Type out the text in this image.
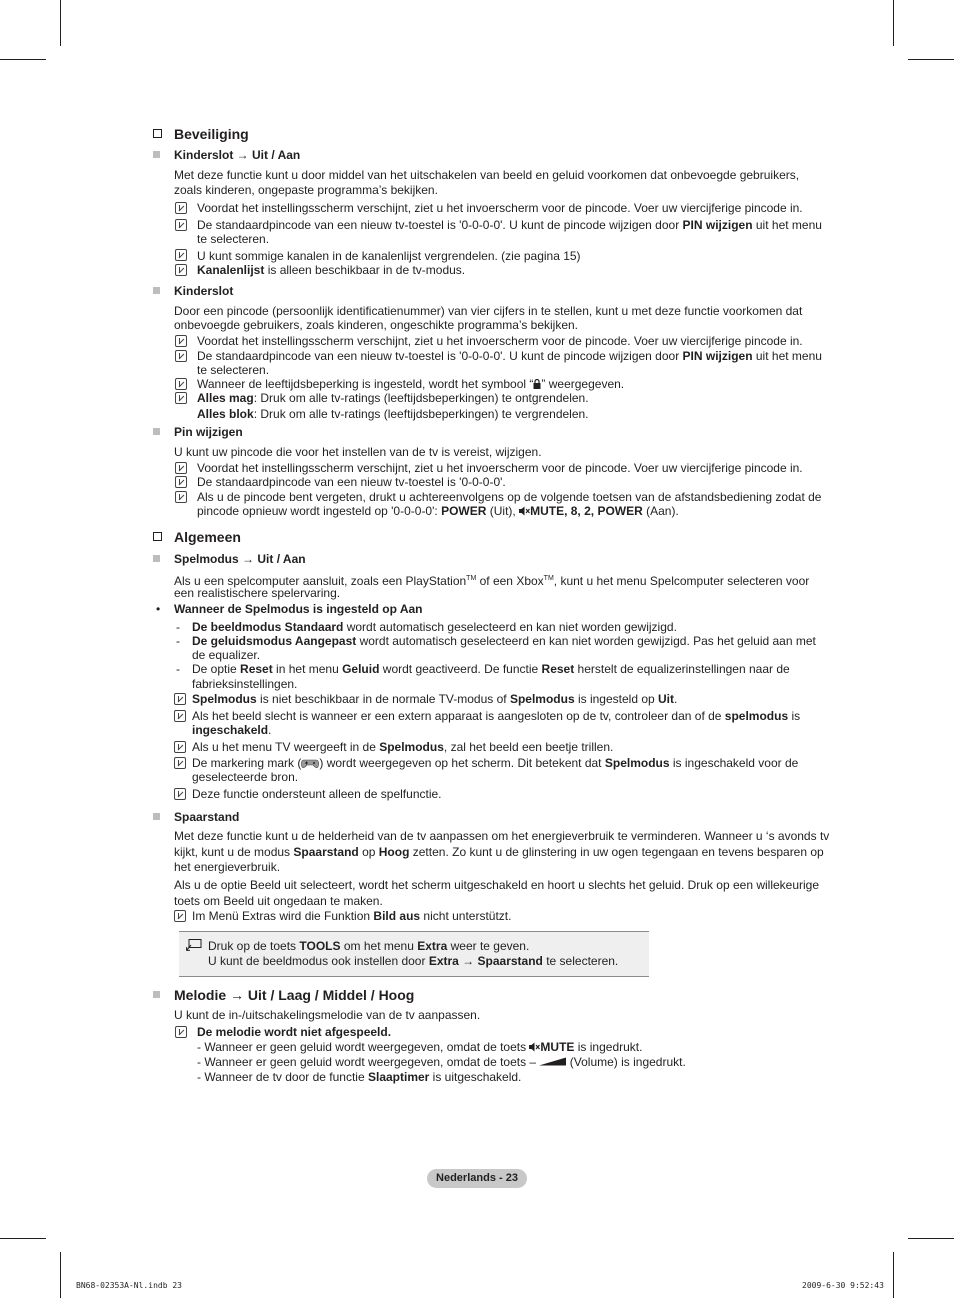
Beveiliging
Kinderslot → Uit / Aan
Met deze functie kunt u door middel van het uitschakelen van beeld en geluid voorkomen dat onbevoegde gebruikers,
zoals kinderen, ongepaste programma’s bekijken.
Voordat het instellingsscherm verschijnt, ziet u het invoerscherm voor de pincode. Voer uw viercijferige pincode in.
De standaardpincode van een nieuw tv-toestel is '0-0-0-0'. U kunt de pincode wijzigen door PIN wijzigen uit het menu
te selecteren.
U kunt sommige kanalen in de kanalenlijst vergrendelen. (zie pagina 15)
Kanalenlijst is alleen beschikbaar in de tv-modus.
Kinderslot
Door een pincode (persoonlijk identificatienummer) van vier cijfers in te stellen, kunt u met deze functie voorkomen dat
onbevoegde gebruikers, zoals kinderen, ongeschikte programma’s bekijken.
Voordat het instellingsscherm verschijnt, ziet u het invoerscherm voor de pincode. Voer uw viercijferige pincode in.
De standaardpincode van een nieuw tv-toestel is '0-0-0-0'. U kunt de pincode wijzigen door PIN wijzigen uit het menu
te selecteren.
Wanneer de leeftijdsbeperking is ingesteld, wordt het symbool “ ” weergegeven.
Alles mag: Druk om alle tv-ratings (leeftijdsbeperkingen) te ontgrendelen.
Alles blok: Druk om alle tv-ratings (leeftijdsbeperkingen) te vergrendelen.
Pin wijzigen
U kunt uw pincode die voor het instellen van de tv is vereist, wijzigen.
Voordat het instellingsscherm verschijnt, ziet u het invoerscherm voor de pincode. Voer uw viercijferige pincode in.
De standaardpincode van een nieuw tv-toestel is '0-0-0-0'.
Als u de pincode bent vergeten, drukt u achtereenvolgens op de volgende toetsen van de afstandsbediening zodat de
pincode opnieuw wordt ingesteld op '0-0-0-0': POWER (Uit), MUTE, 8, 2, POWER (Aan).
Algemeen
Spelmodus → Uit / Aan
Als u een spelcomputer aansluit, zoals een PlayStation™ of een Xbox™, kunt u het menu Spelcomputer selecteren voor
een realistischere spelervaring.
• Wanneer de Spelmodus is ingesteld op Aan
- De beeldmodus Standaard wordt automatisch geselecteerd en kan niet worden gewijzigd.
- De geluidsmodus Aangepast wordt automatisch geselecteerd en kan niet worden gewijzigd. Pas het geluid aan met
de equalizer.
- De optie Reset in het menu Geluid wordt geactiveerd. De functie Reset herstelt de equalizerinstellingen naar de
fabrieksinstellingen.
Spelmodus is niet beschikbaar in de normale TV-modus of Spelmodus is ingesteld op Uit.
Als het beeld slecht is wanneer er een extern apparaat is aangesloten op de tv, controleer dan of de spelmodus is
ingeschakeld.
Als u het menu TV weergeeft in de Spelmodus, zal het beeld een beetje trillen.
De markering mark ( ) wordt weergegeven op het scherm. Dit betekent dat Spelmodus is ingeschakeld voor de
geselecteerde bron.
Deze functie ondersteunt alleen de spelfunctie.
Spaarstand
Met deze functie kunt u de helderheid van de tv aanpassen om het energieverbruik te verminderen. Wanneer u ‘s avonds tv
kijkt, kunt u de modus Spaarstand op Hoog zetten. Zo kunt u de glinstering in uw ogen tegengaan en tevens besparen op
het energieverbruik.
Als u de optie Beeld uit selecteert, wordt het scherm uitgeschakeld en hoort u slechts het geluid. Druk op een willekeurige
toets om Beeld uit ongedaan te maken.
Im Menü Extras wird die Funktion Bild aus nicht unterstützt.
Druk op de toets TOOLS om het menu Extra weer te geven.
U kunt de beeldmodus ook instellen door Extra → Spaarstand te selecteren.
Melodie → Uit / Laag / Middel / Hoog
U kunt de in-/uitschakelingsmelodie van de tv aanpassen.
De melodie wordt niet afgespeeld.
- Wanneer er geen geluid wordt weergegeven, omdat de toets MUTE is ingedrukt.
- Wanneer er geen geluid wordt weergegeven, omdat de toets –  (Volume) is ingedrukt.
- Wanneer de tv door de functie Slaaptimer is uitgeschakeld.
Nederlands - 23
BN68-02353A-Nl.indb 23	2009-6-30 9:52:43
